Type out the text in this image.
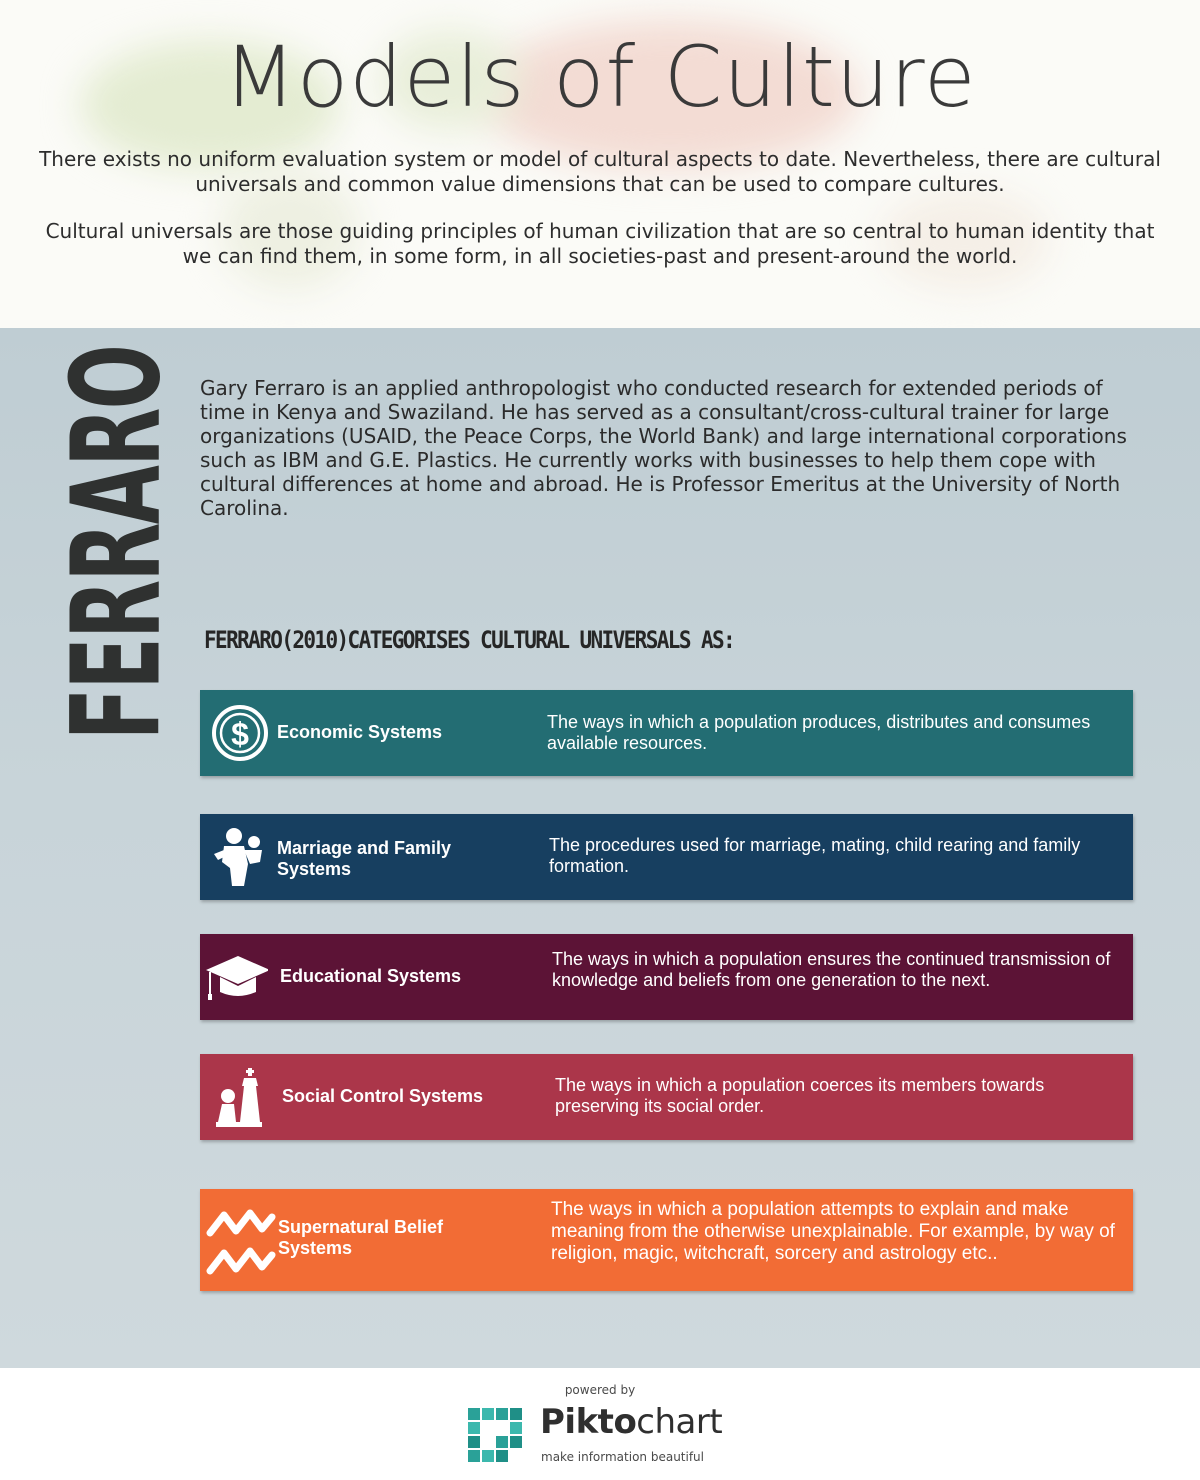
Models of Culture

There exists no uniform evaluation system or model of cultural aspects to date. Nevertheless, there are cultural universals and common value dimensions that can be used to compare cultures.

Cultural universals are those guiding principles of human civilization that are so central to human identity that we can find them, in some form, in all societies-past and present-around the world.

FERRARO Gary Ferraro is an applied anthropologist who conducted research for extended periods of time in Kenya and Swaziland. He has served as a consultant/cross-cultural trainer for large organizations (USAID, the Peace Corps, the World Bank) and large international corporations such as IBM and G.E. Plastics. He currently works with businesses to help them cope with cultural differences at home and abroad. He is Professor Emeritus at the University of North Carolina.

FERRARO(2010)CATEGORISES CULTURAL UNIVERSALS AS:

$ Economic Systems	The ways in which a population produces, distributes and consumes available resources.
Marriage and Family Systems
The procedures used for marriage, mating, child rearing and family formation.
Educational Systems
The ways in which a population ensures the continued transmission of knowledge and beliefs from one generation to the next.
Social Control Systems
The ways in which a population coerces its members towards preserving its social order.
Supernatural Belief Systems
The ways in which a population attempts to explain and make meaning from the otherwise unexplainable. For example, by way of religion, magic, witchcraft, sorcery and astrology etc..
powered by
Piktochart
make information beautiful
